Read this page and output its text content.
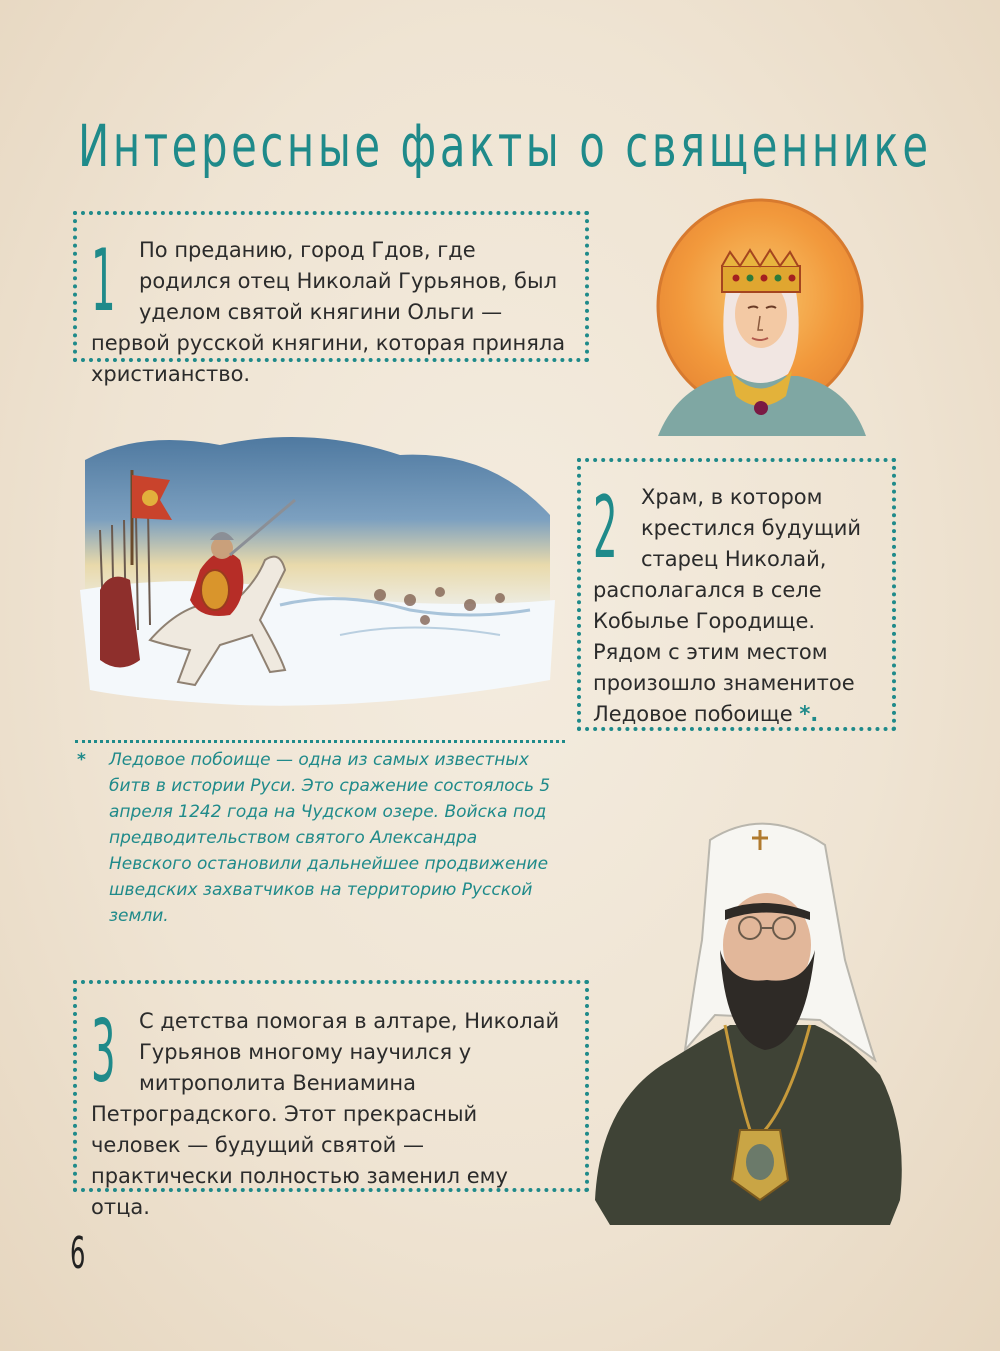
Интересные факты о священнике
1	По преданию, город Гдов, где родился отец Николай Гурьянов, был уделом святой княгини Ольги — первой русской княгини, которая приняла христианство.
2	Храм, в котором крестился будущий старец Николай, располагался в селе Кобылье Городище. Рядом с этим местом произошло знаменитое Ледовое побоище *.
* Ледовое побоище — одна из самых известных битв в истории Руси. Это сражение состоялось 5 апреля 1242 года на Чудском озере. Войска под предводительством святого Александра Невского остановили дальнейшее продвижение шведских захватчиков на территорию Русской земли.
3	С детства помогая в алтаре, Николай Гурьянов многому научился у митрополита Вениамина Петроградского. Этот прекрасный человек — будущий святой — практически полностью заменил ему отца.
6
